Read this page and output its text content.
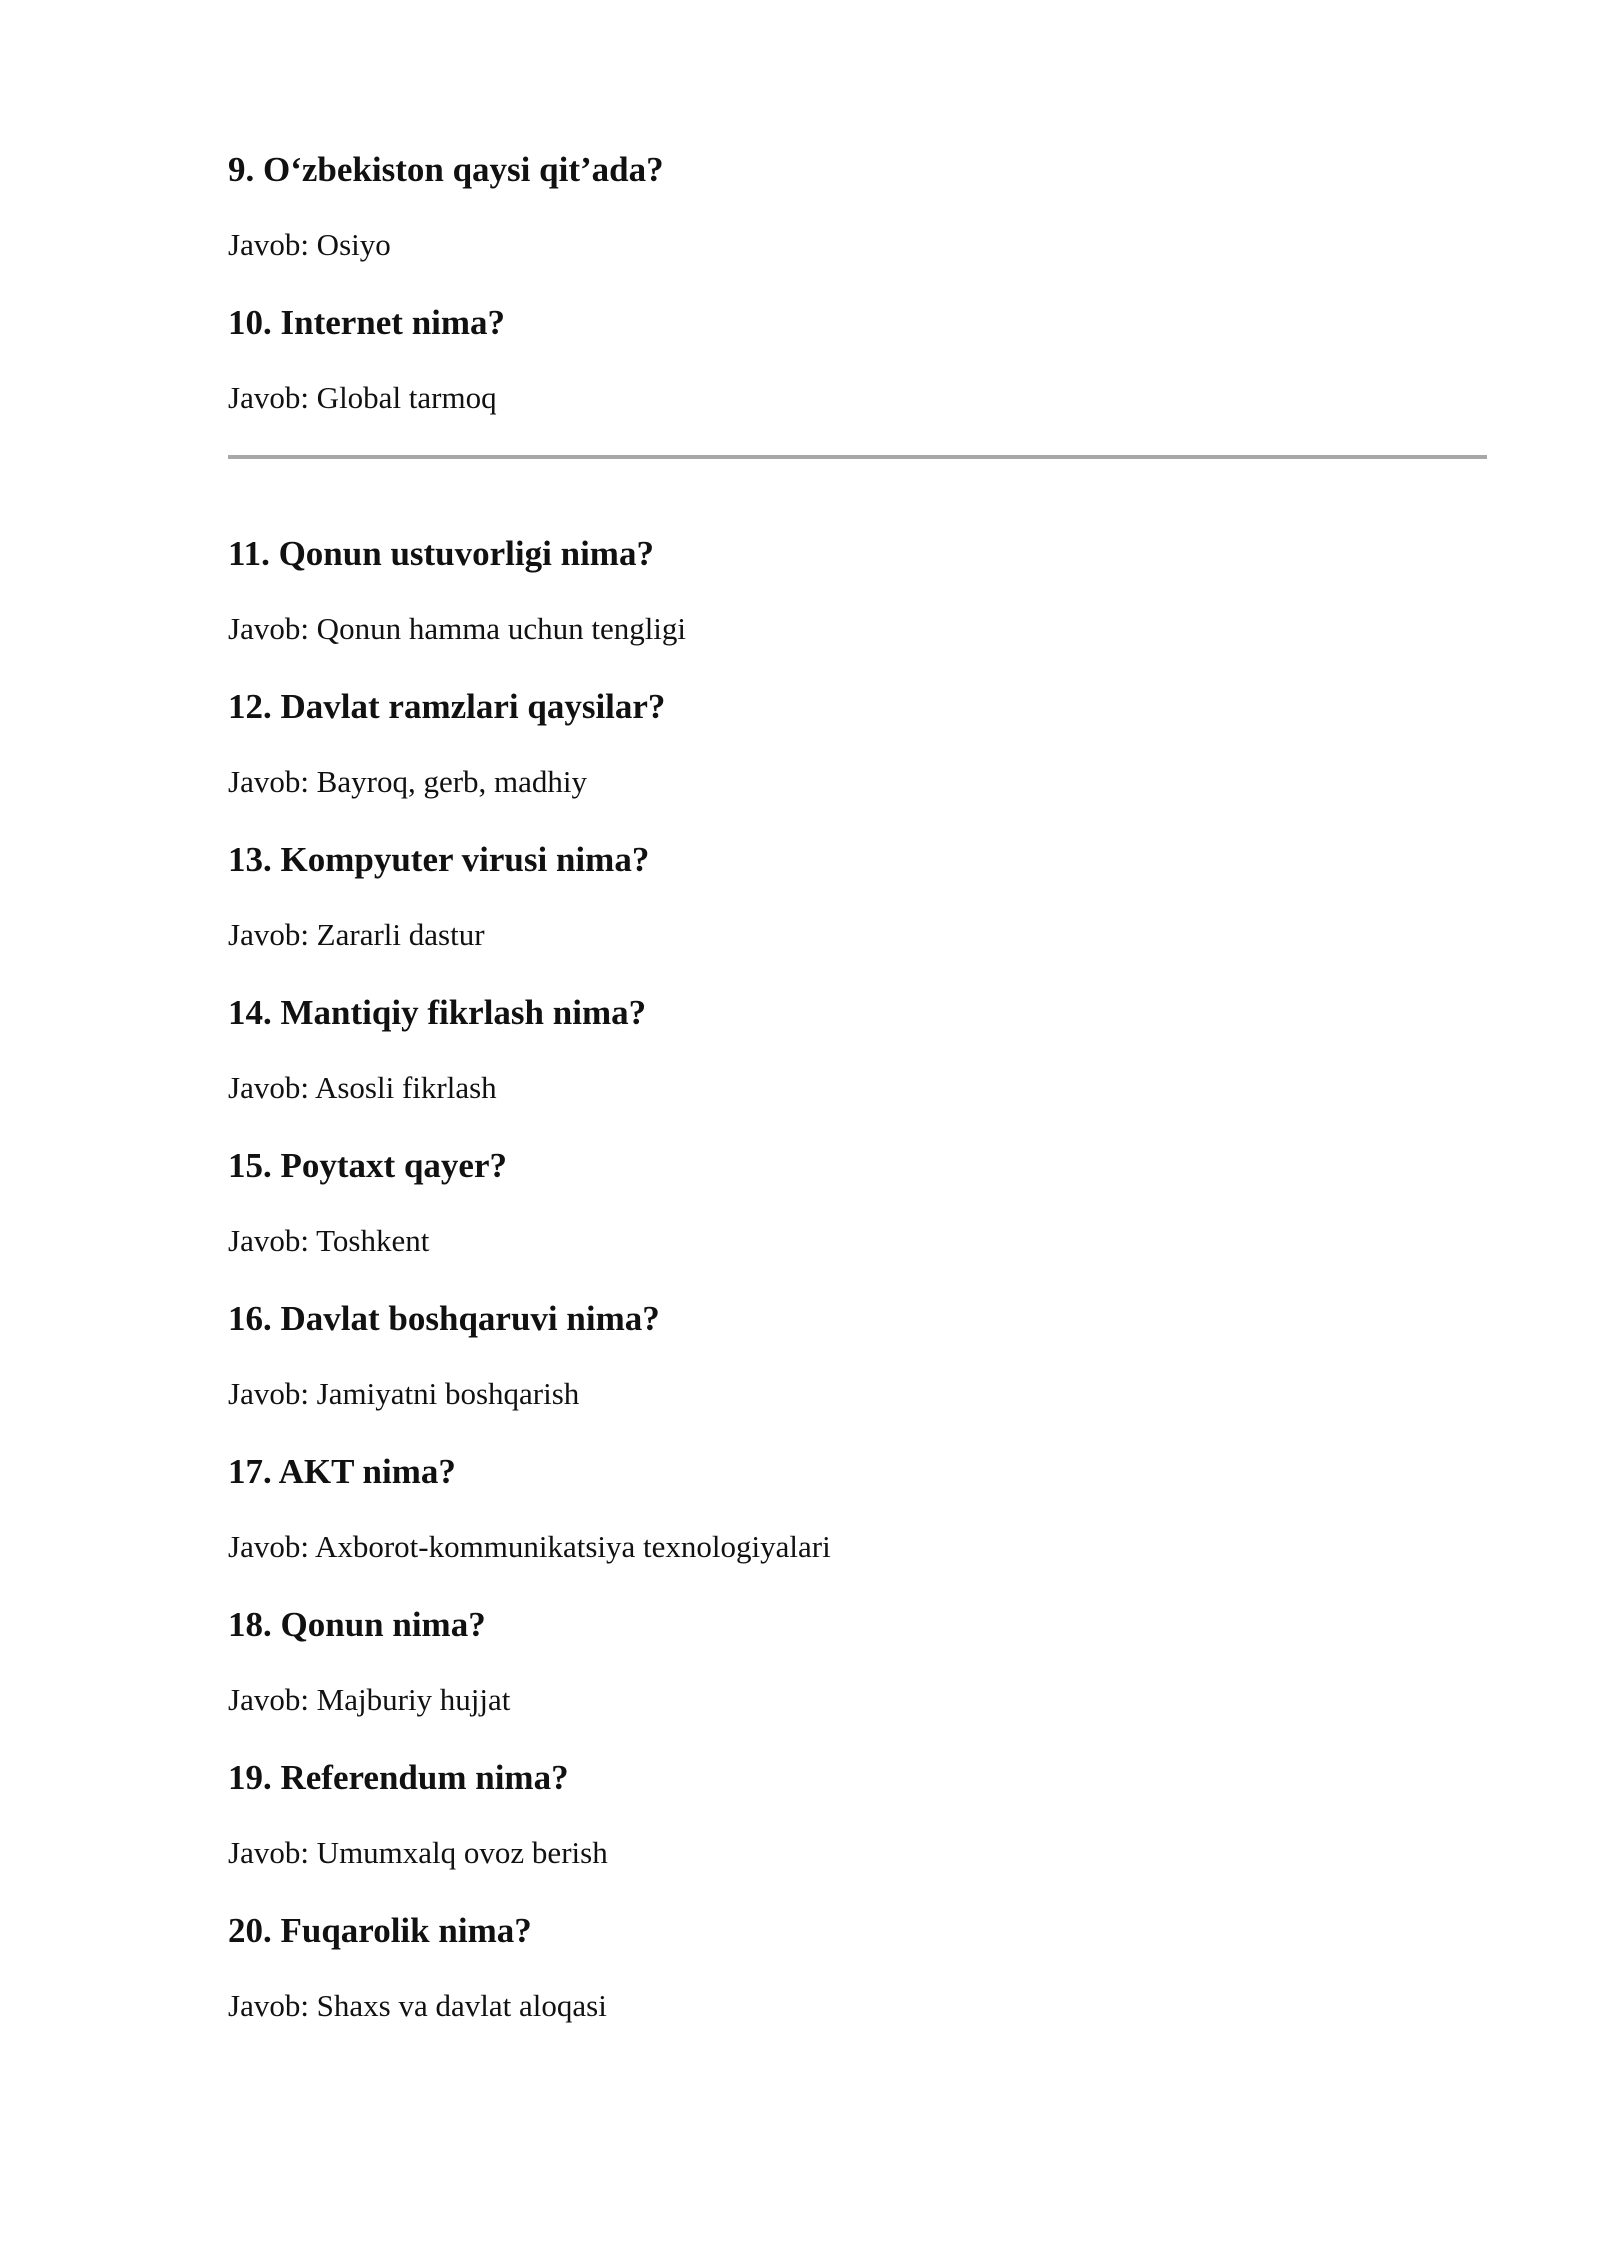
9. O‘zbekiston qaysi qit’ada?

Javob: Osiyo

10. Internet nima?

Javob: Global tarmoq

11. Qonun ustuvorligi nima?

Javob: Qonun hamma uchun tengligi

12. Davlat ramzlari qaysilar?

Javob: Bayroq, gerb, madhiy

13. Kompyuter virusi nima?

Javob: Zararli dastur

14. Mantiqiy fikrlash nima?

Javob: Asosli fikrlash

15. Poytaxt qayer?

Javob: Toshkent

16. Davlat boshqaruvi nima?

Javob: Jamiyatni boshqarish

17. AKT nima?

Javob: Axborot-kommunikatsiya texnologiyalari

18. Qonun nima?

Javob: Majburiy hujjat

19. Referendum nima?

Javob: Umumxalq ovoz berish

20. Fuqarolik nima?

Javob: Shaxs va davlat aloqasi
